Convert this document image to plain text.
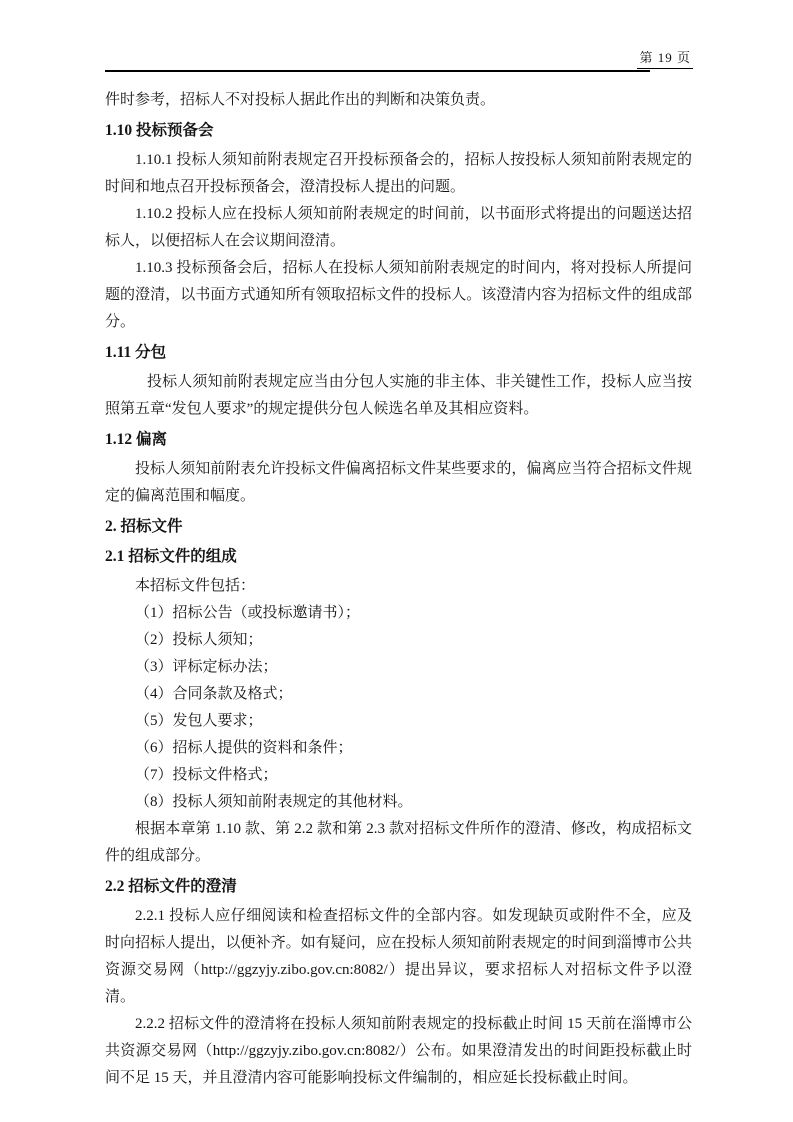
第 19 页

件时参考，招标人不对投标人据此作出的判断和决策负责。

1.10 投标预备会

1.10.1 投标人须知前附表规定召开投标预备会的，招标人按投标人须知前附表规定的时间和地点召开投标预备会，澄清投标人提出的问题。

1.10.2 投标人应在投标人须知前附表规定的时间前，以书面形式将提出的问题送达招标人，以便招标人在会议期间澄清。

1.10.3 投标预备会后，招标人在投标人须知前附表规定的时间内，将对投标人所提问题的澄清，以书面方式通知所有领取招标文件的投标人。该澄清内容为招标文件的组成部分。

1.11 分包

投标人须知前附表规定应当由分包人实施的非主体、非关键性工作，投标人应当按照第五章“发包人要求”的规定提供分包人候选名单及其相应资料。

1.12 偏离

投标人须知前附表允许投标文件偏离招标文件某些要求的，偏离应当符合招标文件规定的偏离范围和幅度。

2. 招标文件
2.1 招标文件的组成

本招标文件包括：

（1）招标公告（或投标邀请书）；

（2）投标人须知；

（3）评标定标办法；

（4）合同条款及格式；

（5）发包人要求；

（6）招标人提供的资料和条件；

（7）投标文件格式；

（8）投标人须知前附表规定的其他材料。

根据本章第 1.10 款、第 2.2 款和第 2.3 款对招标文件所作的澄清、修改，构成招标文件的组成部分。

2.2 招标文件的澄清

2.2.1 投标人应仔细阅读和检查招标文件的全部内容。如发现缺页或附件不全，应及时向招标人提出，以便补齐。如有疑问，应在投标人须知前附表规定的时间到淄博市公共资源交易网（http://ggzyjy.zibo.gov.cn:8082/）提出异议，要求招标人对招标文件予以澄清。

2.2.2 招标文件的澄清将在投标人须知前附表规定的投标截止时间 15 天前在淄博市公共资源交易网（http://ggzyjy.zibo.gov.cn:8082/）公布。如果澄清发出的时间距投标截止时间不足 15 天，并且澄清内容可能影响投标文件编制的，相应延长投标截止时间。
